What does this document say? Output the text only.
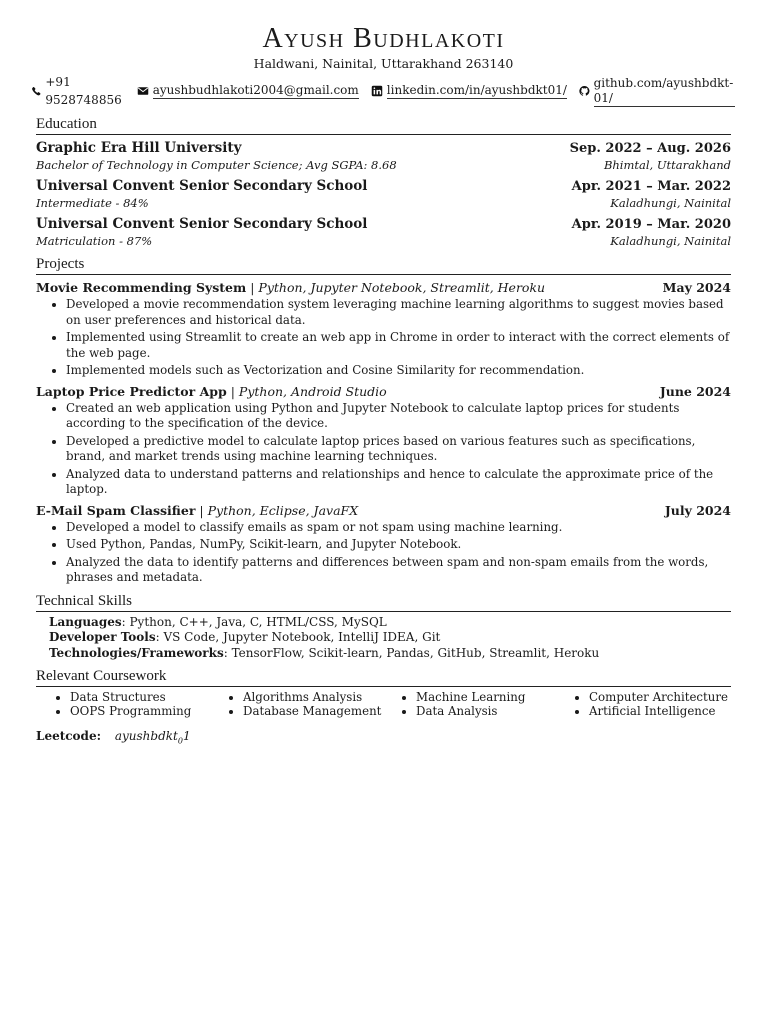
Ayush Budhlakoti
Haldwani, Nainital, Uttarakhand 263140
+91 9528748856
ayushbudhlakoti2004@gmail.com linkedin.com/in/ayushbdkt01/
github.com/ayushbdkt-01/
Education
Graphic Era Hill University	Sep. 2022 – Aug. 2026
Bachelor of Technology in Computer Science; Avg SGPA: 8.68	Bhimtal, Uttarakhand
Universal Convent Senior Secondary School	Apr. 2021 – Mar. 2022
Intermediate - 84%	Kaladhungi, Nainital
Universal Convent Senior Secondary School	Apr. 2019 – Mar. 2020
Matriculation - 87%	Kaladhungi, Nainital
Projects
Movie Recommending System | Python, Jupyter Notebook, Streamlit, Heroku	May 2024
• Developed a movie recommendation system leveraging machine learning algorithms to suggest movies based on user preferences and historical data.
• Implemented using Streamlit to create an web app in Chrome in order to interact with the correct elements of the web page.
• Implemented models such as Vectorization and Cosine Similarity for recommendation.
Laptop Price Predictor App | Python, Android Studio	June 2024
• Created an web application using Python and Jupyter Notebook to calculate laptop prices for students according to the specification of the device.
• Developed a predictive model to calculate laptop prices based on various features such as specifications, brand, and market trends using machine learning techniques.
• Analyzed data to understand patterns and relationships and hence to calculate the approximate price of the laptop.
E-Mail Spam Classifier | Python, Eclipse, JavaFX	July 2024
• Developed a model to classify emails as spam or not spam using machine learning.
• Used Python, Pandas, NumPy, Scikit-learn, and Jupyter Notebook.
• Analyzed the data to identify patterns and differences between spam and non-spam emails from the words, phrases and metadata.
Technical Skills
Languages: Python, C++, Java, C, HTML/CSS, MySQL
Developer Tools: VS Code, Jupyter Notebook, IntelliJ IDEA, Git
Technologies/Frameworks: TensorFlow, Scikit-learn, Pandas, GitHub, Streamlit, Heroku
Relevant Coursework
• Data Structures
• OOPS Programming
• Algorithms Analysis
• Database Management
• Machine Learning
• Data Analysis
• Computer Architecture
• Artificial Intelligence
Leetcode: ayushbdkt$_0$1
